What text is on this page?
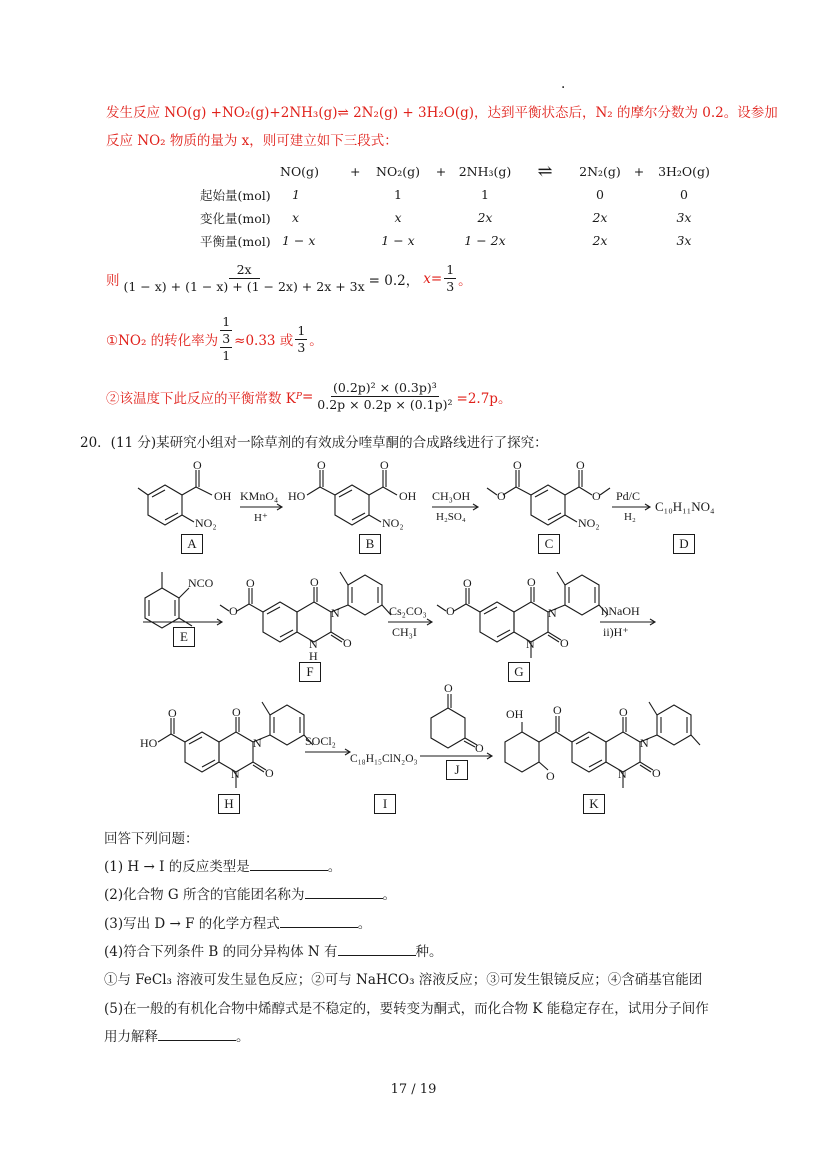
.
发生反应 NO(g) +NO₂(g)+2NH₃(g)⇌ 2N₂(g) + 3H₂O(g)，达到平衡状态后，N₂ 的摩尔分数为 0.2。设参加
反应 NO₂ 物质的量为 x，则可建立如下三段式：
	NO(g)	+	NO₂(g)	+	2NH₃(g)	⇌	2N₂(g)	+	3H₂O(g)
起始量(mol)	1		1		1		0		0
变化量(mol)	x		x		2x		2x		3x
平衡量(mol)	1 − x		1 − x		1 − 2x		2x		3x
则 $\frac{2x}{(1 - x) + (1 - x) + (1 - 2x) + 2x + 3x} = 0.2$， $x= \frac{1}{3}$ 。
①NO₂ 的转化率为
1
3
1
≈0.33 或 $\frac{1}{3}$ 。
②该温度下此反应的平衡常数 K $P = \frac{\text{(0.2p)² × (0.3p)³}}{\text{0.2p × 0.2p × (0.1p)²}} =2.7p$。
20．(11 分)某研究小组对一除草剂的有效成分喹草酮的合成路线进行了探究：
O
OH
NO₂
KMnO₄
H⁺
O	O
HO	OH
NO₂
CH₃OH
H₂SO₄
O	O
O	O
NO₂
Pd/C
H₂
C₁₀H₁₁NO₄
NCO	O
O
O
O
N
N
H
Cs₂CO₃
CH₃I
O
O
O
O
N
N
i)NaOH
ii)H⁺
O
O
HO
O
N
N
SOCl₂
C₁₈H₁₅ClN₂O₃
O
O
OH
O
O	O
O
N
N
A	B	C	D
E
F	G
H	I
J
K
回答下列问题：
(1) H → I 的反应类型是	。
(2)化合物 G 所含的官能团名称为	。
(3)写出 D → F 的化学方程式	。
(4)符合下列条件 B 的同分异构体 N 有	种。
①与 FeCl₃ 溶液可发生显色反应；②可与 NaHCO₃ 溶液反应；③可发生银镜反应；④含硝基官能团
(5)在一般的有机化合物中烯醇式是不稳定的，要转变为酮式，而化合物 K 能稳定存在，试用分子间作
用力解释	。
17 / 19
